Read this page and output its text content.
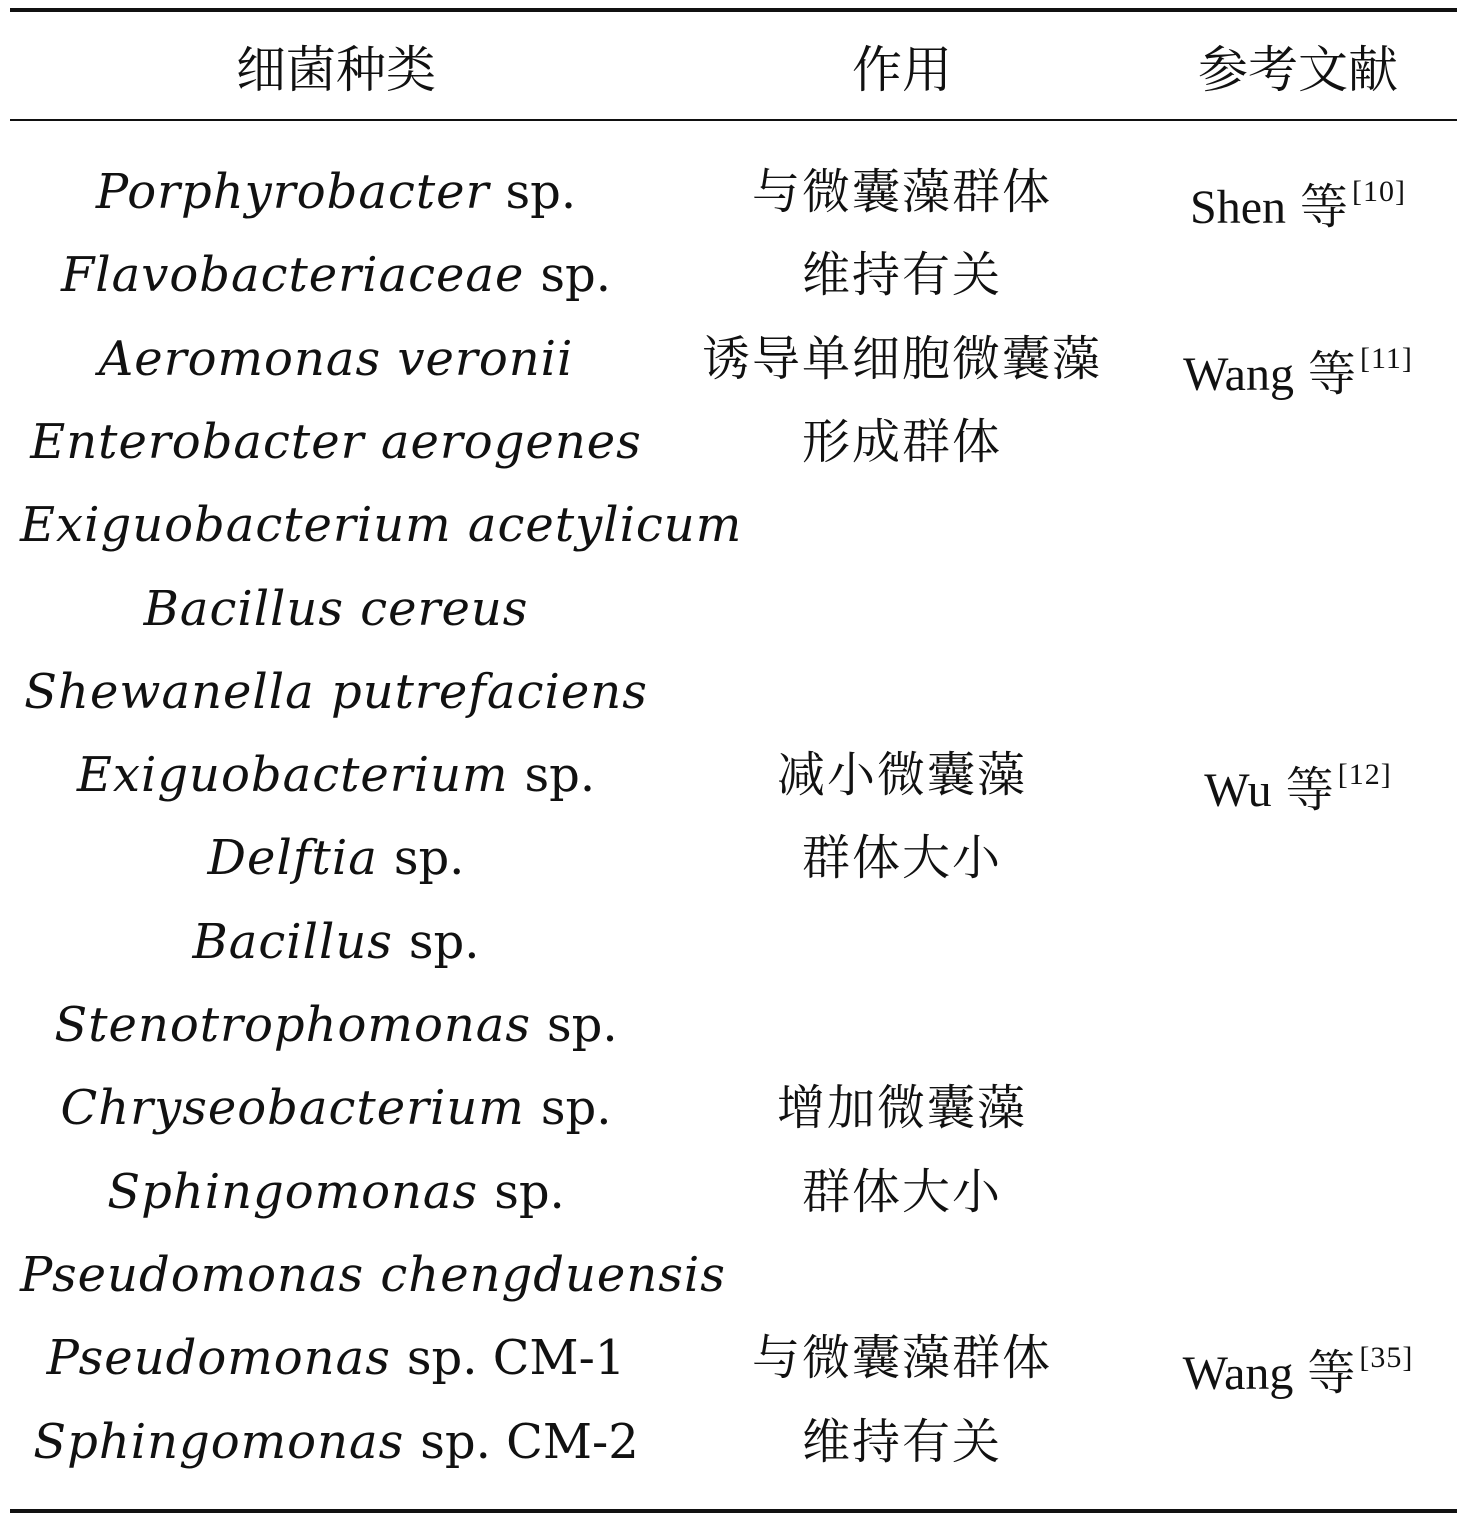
细菌种类	作用	参考文献
Porphyrobacter sp.
Flavobacteriaceae sp.
Aeromonas veronii
Enterobacter aerogenes
Exiguobacterium acetylicum
Bacillus cereus
Shewanella putrefaciens
Exiguobacterium sp.
Delftia sp.
Bacillus sp.
Stenotrophomonas sp.
Chryseobacterium sp.
Sphingomonas sp.
Pseudomonas chengduensis
Pseudomonas sp. CM-1
Sphingomonas sp. CM-2
与微囊藻群体
维持有关
诱导单细胞微囊藻
形成群体
减小微囊藻
群体大小
增加微囊藻
群体大小
与微囊藻群体
维持有关
Shen 等 [10]
Wang 等 [11]
Wu 等 [12]
Wang 等 [35]
